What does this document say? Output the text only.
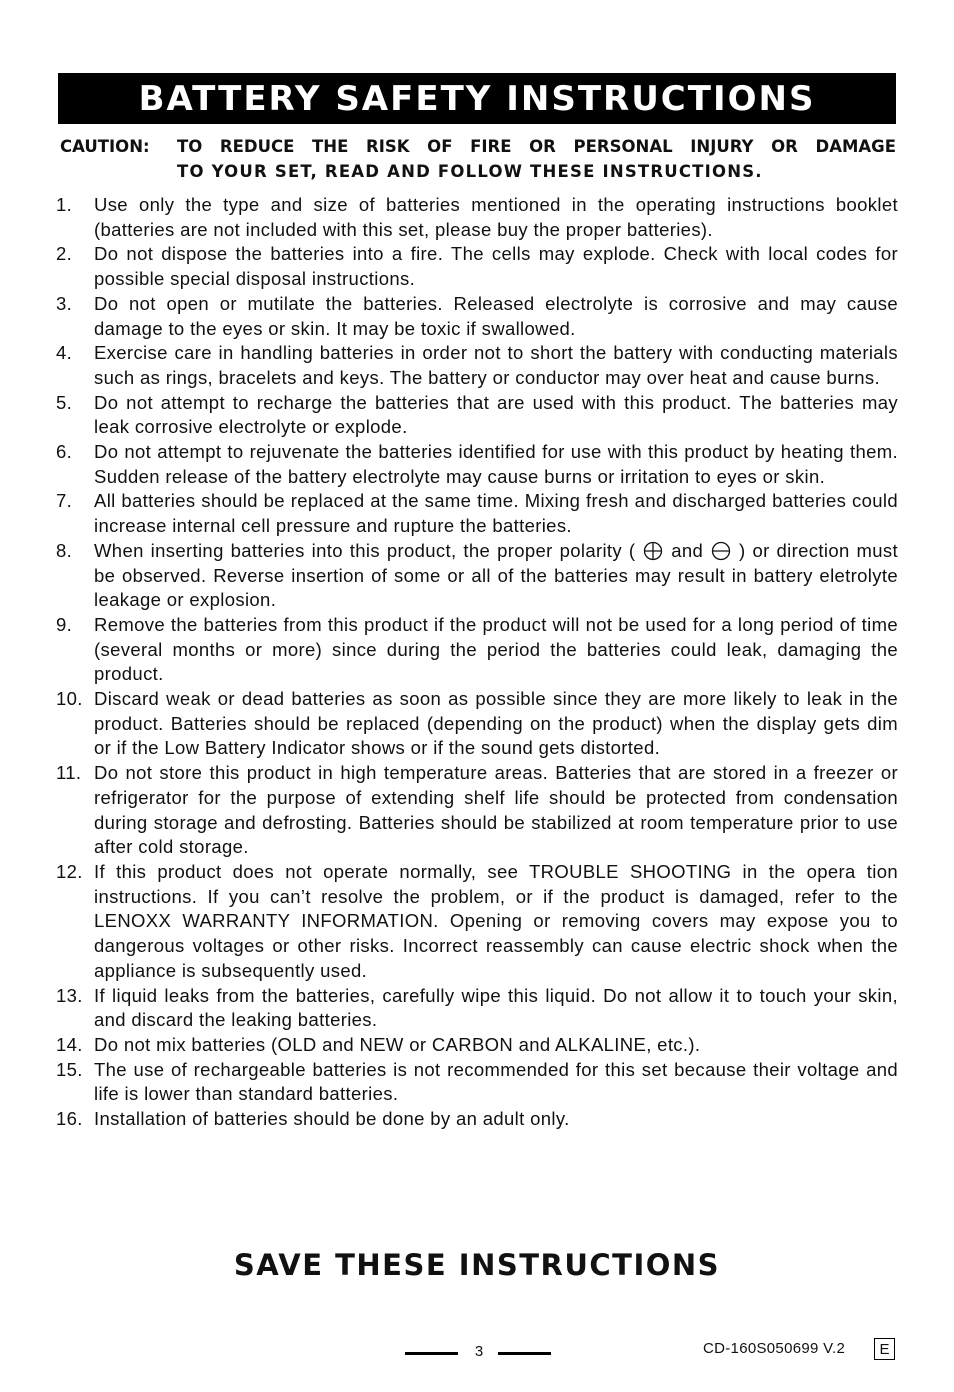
BATTERY SAFETY INSTRUCTIONS
CAUTION:	TO REDUCE THE RISK OF FIRE OR PERSONAL INJURY OR DAMAGE
TO YOUR SET, READ AND FOLLOW THESE INSTRUCTIONS.
1.	Use only the type and size of batteries mentioned in the operating instructions booklet (batteries are not included with this set, please buy the proper batteries).
2.	Do not dispose the batteries into a fire. The cells may explode. Check with local codes for possible special disposal instructions.
3.	Do not open or mutilate the batteries. Released electrolyte is corrosive and may cause damage to the eyes or skin. It may be toxic if swallowed.
4.	Exercise care in handling batteries in order not to short the battery with conducting materials such as rings, bracelets and keys. The battery or conductor may over heat and cause burns.
5.	Do not attempt to recharge the batteries that are used with this product. The batteries may leak corrosive electrolyte or explode.
6.	Do not attempt to rejuvenate the batteries identified for use with this product by heating them. Sudden release of the battery electrolyte may cause burns or irritation to eyes or skin.
7.	All batteries should be replaced at the same time. Mixing fresh and discharged batteries could increase internal cell pressure and rupture the batteries.
8.	When inserting batteries into this product, the proper polarity ( and ) or direction must be observed. Reverse insertion of some or all of the batteries may result in battery eletrolyte leakage or explosion.
9.	Remove the batteries from this product if the product will not be used for a long period of time (several months or more) since during the period the batteries could leak, damaging the product.
10. Discard weak or dead batteries as soon as possible since they are more likely to leak in the product. Batteries should be replaced (depending on the product) when the display gets dim or if the Low Battery Indicator shows or if the sound gets distorted.
11. Do not store this product in high temperature areas. Batteries that are stored in a freezer or refrigerator for the purpose of extending shelf life should be protected from condensation during storage and defrosting. Batteries should be stabilized at room temperature prior to use after cold storage.
12. If this product does not operate normally, see TROUBLE SHOOTING in the opera tion instructions. If you can’t resolve the problem, or if the product is damaged, refer to the LENOXX WARRANTY INFORMATION. Opening or removing covers may expose you to dangerous voltages or other risks. Incorrect reassembly can cause electric shock when the appliance is subsequently used.
13. If liquid leaks from the batteries, carefully wipe this liquid. Do not allow it to touch your skin, and discard the leaking batteries.
14. Do not mix batteries (OLD and NEW or CARBON and ALKALINE, etc.).
15. The use of rechargeable batteries is not recommended for this set because their voltage and life is lower than standard batteries.
16. Installation of batteries should be done by an adult only.
SAVE THESE INSTRUCTIONS
3	CD-160S050699 V.2	E
